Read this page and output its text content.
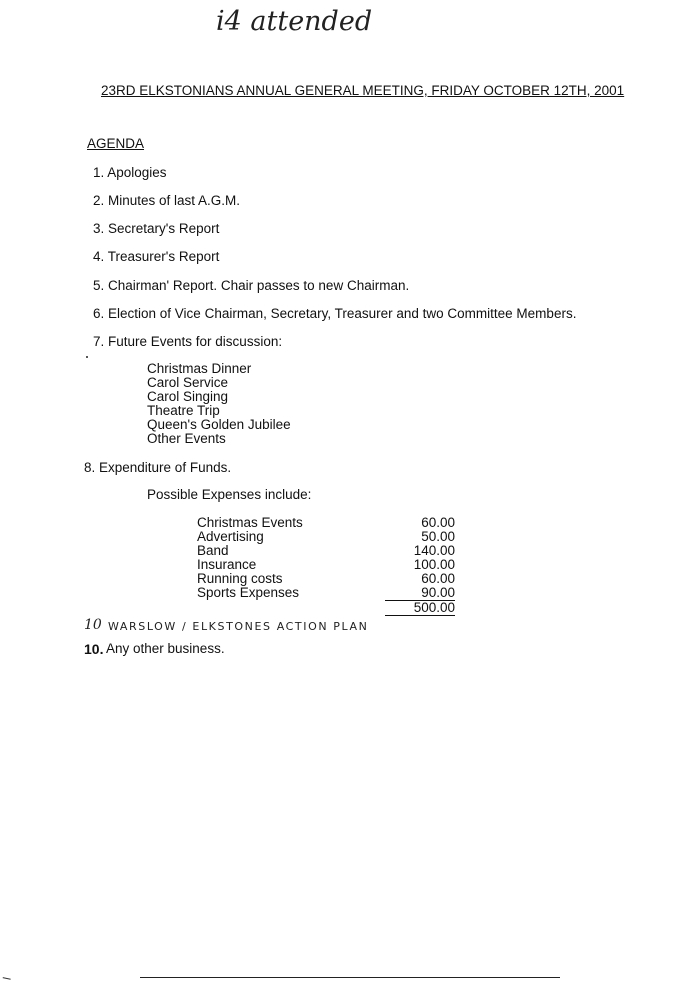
i4 attended
23RD ELKSTONIANS ANNUAL GENERAL MEETING, FRIDAY OCTOBER 12TH, 2001
AGENDA
1. Apologies
2. Minutes of last A.G.M.
3. Secretary's Report
4. Treasurer's Report
5. Chairman' Report. Chair passes to new Chairman.
6. Election of Vice Chairman, Secretary, Treasurer and two Committee Members.
7. Future Events for discussion:
Christmas Dinner
Carol Service
Carol Singing
Theatre Trip
Queen's Golden Jubilee
Other Events
8. Expenditure of Funds.
Possible Expenses include:
Christmas Events	60.00
Advertising	50.00
Band	140.00
Insurance	100.00
Running costs	60.00
Sports Expenses	90.00
500.00
10 WARSLOW / ELKSTONES ACTION PLAN
10. Any other business.
